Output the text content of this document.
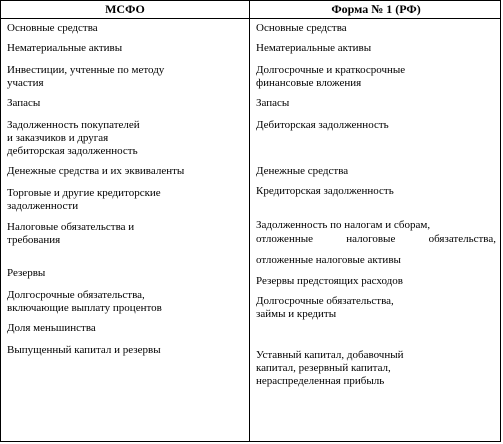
МСФО	Форма № 1 (РФ)
Основные средства
Нематериальные активы
Инвестиции, учтенные по методу
участия
Запасы
Задолженность покупателей
и заказчиков и другая
дебиторская задолженность
Денежные средства и их эквиваленты
Торговые и другие кредиторские
задолженности
Налоговые обязательства и
требования
Резервы
Долгосрочные обязательства,
включающие выплату процентов
Доля меньшинства
Выпущенный капитал и резервы
Основные средства
Нематериальные активы
Долгосрочные и краткосрочные
финансовые вложения
Запасы
Дебиторская задолженность
Денежные средства
Кредиторская задолженность
Задолженность по налогам и сборам,
отложенные налоговые обязательства,
отложенные налоговые активы
Резервы предстоящих расходов
Долгосрочные обязательства,
займы и кредиты
Уставный капитал, добавочный
капитал, резервный капитал,
нераспределенная прибыль
